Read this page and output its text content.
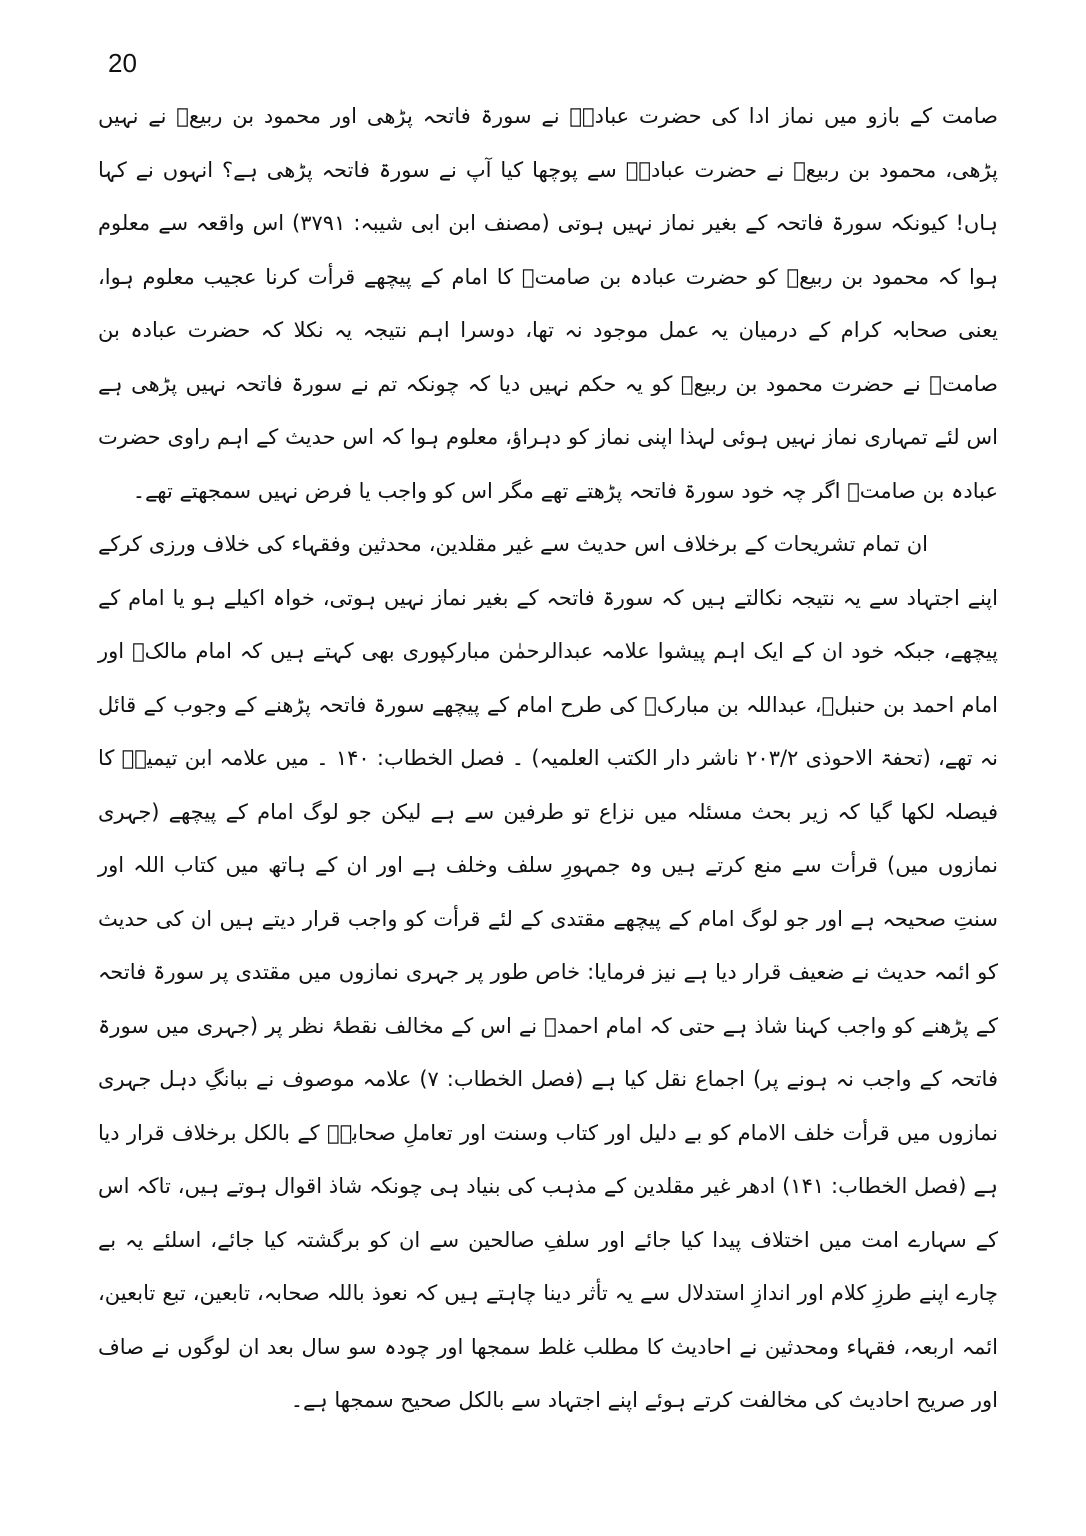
20

صامت کے بازو میں نماز ادا کی حضرت عبادہؓ نے سورۃ فاتحہ پڑھی اور محمود بن ربیعؓ نے نہیں پڑھی، محمود بن ربیعؓ نے حضرت عبادہؓ سے پوچھا کیا آپ نے سورۃ فاتحہ پڑھی ہے؟ انہوں نے کہا ہاں! کیونکہ سورۃ فاتحہ کے بغیر نماز نہیں ہوتی (مصنف ابن ابی شیبہ: ۳۷۹۱) اس واقعہ سے معلوم ہوا کہ محمود بن ربیعؓ کو حضرت عبادہ بن صامتؓ کا امام کے پیچھے قرأت کرنا عجیب معلوم ہوا، یعنی صحابہ کرام کے درمیان یہ عمل موجود نہ تھا، دوسرا اہم نتیجہ یہ نکلا کہ حضرت عبادہ بن صامتؓ نے حضرت محمود بن ربیعؓ کو یہ حکم نہیں دیا کہ چونکہ تم نے سورۃ فاتحہ نہیں پڑھی ہے اس لئے تمہاری نماز نہیں ہوئی لہذا اپنی نماز کو دہراؤ، معلوم ہوا کہ اس حدیث کے اہم راوی حضرت عبادہ بن صامتؓ اگر چہ خود سورۃ فاتحہ پڑھتے تھے مگر اس کو واجب یا فرض نہیں سمجھتے تھے۔

ان تمام تشریحات کے برخلاف اس حدیث سے غیر مقلدین، محدثین وفقہاء کی خلاف ورزی کرکے اپنے اجتہاد سے یہ نتیجہ نکالتے ہیں کہ سورۃ فاتحہ کے بغیر نماز نہیں ہوتی، خواہ اکیلے ہو یا امام کے پیچھے، جبکہ خود ان کے ایک اہم پیشوا علامہ عبدالرحمٰن مبارکپوری بھی کہتے ہیں کہ امام مالکؒ اور امام احمد بن حنبلؒ، عبداللہ بن مبارکؒ کی طرح امام کے پیچھے سورۃ فاتحہ پڑھنے کے وجوب کے قائل نہ تھے، (تحفۃ الاحوذی ۲۰۳/۲ ناشر دار الکتب العلمیہ) ۔ فصل الخطاب: ۱۴۰ ۔ میں علامہ ابن تیمیہؒ کا فیصلہ لکھا گیا کہ زیر بحث مسئلہ میں نزاع تو طرفین سے ہے لیکن جو لوگ امام کے پیچھے (جہری نمازوں میں) قرأت سے منع کرتے ہیں وہ جمہورِ سلف وخلف ہے اور ان کے ہاتھ میں کتاب اللہ اور سنتِ صحیحہ ہے اور جو لوگ امام کے پیچھے مقتدی کے لئے قرأت کو واجب قرار دیتے ہیں ان کی حدیث کو ائمہ حدیث نے ضعیف قرار دیا ہے نیز فرمایا: خاص طور پر جہری نمازوں میں مقتدی پر سورۃ فاتحہ کے پڑھنے کو واجب کہنا شاذ ہے حتی کہ امام احمدؒ نے اس کے مخالف نقطۂ نظر پر (جہری میں سورۃ فاتحہ کے واجب نہ ہونے پر) اجماع نقل کیا ہے (فصل الخطاب: ۷) علامہ موصوف نے ببانگِ دہل جہری نمازوں میں قرأت خلف الامام کو بے دلیل اور کتاب وسنت اور تعاملِ صحابہؓ کے بالکل برخلاف قرار دیا ہے (فصل الخطاب: ۱۴۱) ادھر غیر مقلدین کے مذہب کی بنیاد ہی چونکہ شاذ اقوال ہوتے ہیں، تاکہ اس کے سہارے امت میں اختلاف پیدا کیا جائے اور سلفِ صالحین سے ان کو برگشتہ کیا جائے، اسلئے یہ بے چارے اپنے طرزِ کلام اور اندازِ استدلال سے یہ تأثر دینا چاہتے ہیں کہ نعوذ باللہ صحابہ، تابعین، تبع تابعین، ائمہ اربعہ، فقہاء ومحدثین نے احادیث کا مطلب غلط سمجھا اور چودہ سو سال بعد ان لوگوں نے صاف اور صریح احادیث کی مخالفت کرتے ہوئے اپنے اجتہاد سے بالکل صحیح سمجھا ہے۔
